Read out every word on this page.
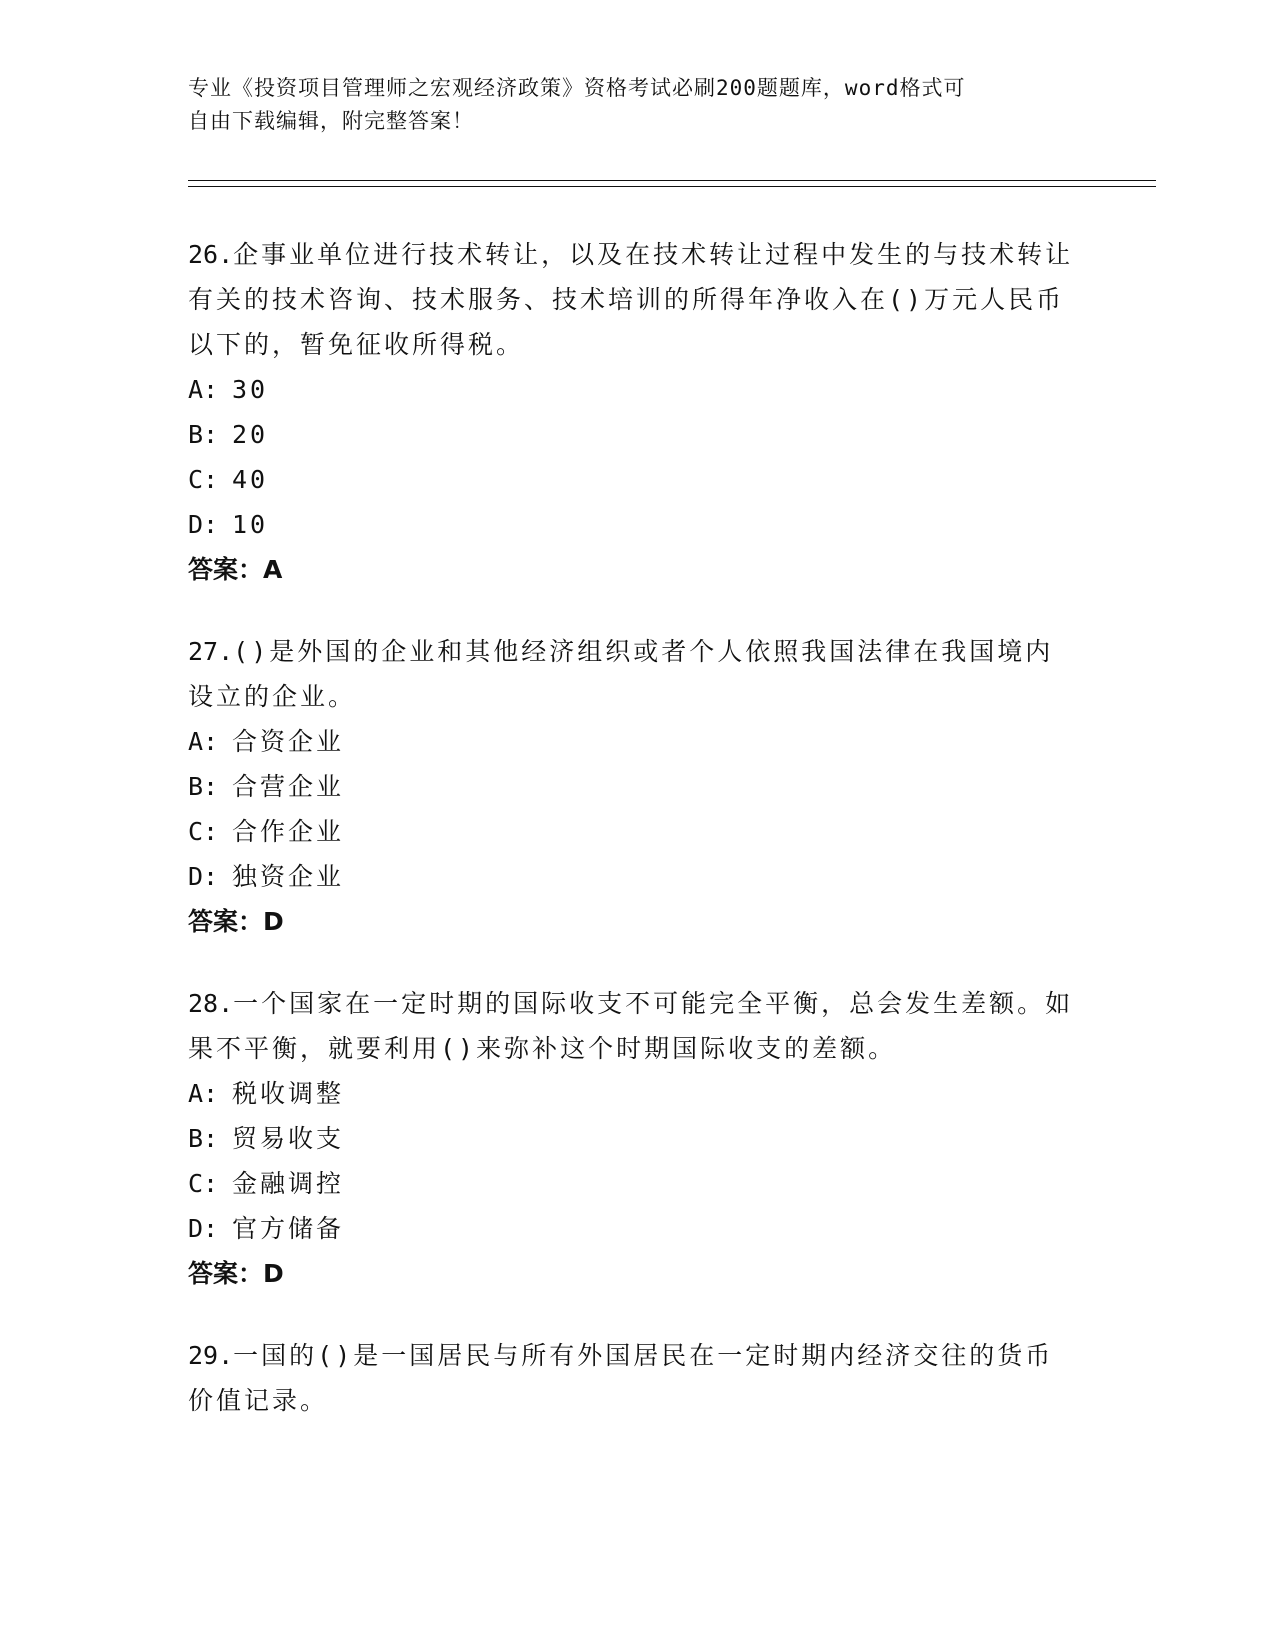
专业《投资项目管理师之宏观经济政策》资格考试必刷200题题库，word格式可
自由下载编辑，附完整答案！
26.企事业单位进行技术转让，以及在技术转让过程中发生的与技术转让有关的技术咨询、技术服务、技术培训的所得年净收入在()万元人民币以下的，暂免征收所得税。
A: 30
B: 20
C: 40
D: 10
答案：A
27.()是外国的企业和其他经济组织或者个人依照我国法律在我国境内设立的企业。
A: 合资企业
B: 合营企业
C: 合作企业
D: 独资企业
答案：D
28.一个国家在一定时期的国际收支不可能完全平衡，总会发生差额。如果不平衡，就要利用()来弥补这个时期国际收支的差额。
A: 税收调整
B: 贸易收支
C: 金融调控
D: 官方储备
答案：D
29.一国的()是一国居民与所有外国居民在一定时期内经济交往的货币价值记录。
